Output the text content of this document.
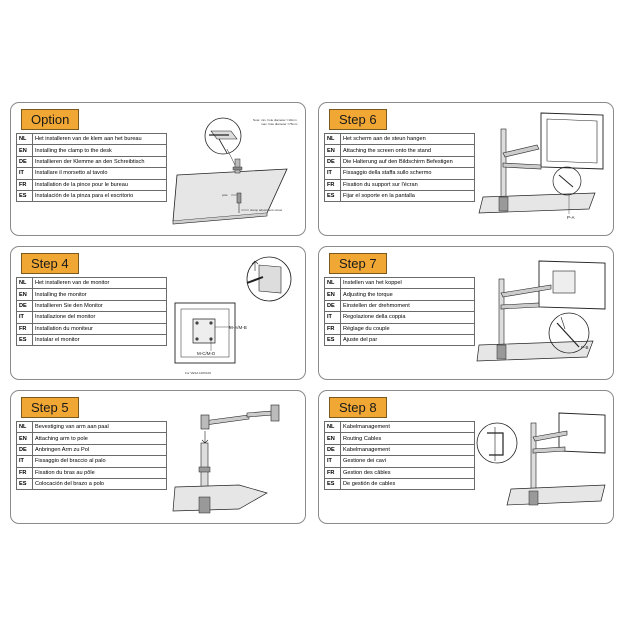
Option
NL	Het installeren van de klem aan het bureau
EN	Installing the clamp to the desk
DE	Installieren der Klemme an den Schreibtisch
IT	Installare il morsetto al tavolo
FR	Installation de la pince pour le bureau
ES	Instalación de la pinza para el escritorio
Note: min. hole diameter =10mm
max. hole diameter =76mm
pole
clamp adjustment screw
Step 6
NL	Het scherm aan de steun hangen
EN	Attaching the screen onto the stand
DE	Die Halterung auf den Bildschirm Befestigen
IT	Fissaggio della staffa sullo schermo
FR	Fixation du support sur l'écran
ES	Fijar el soporte en la pantalla
P-A
Step 4
NL	Het installeren van de monitor
EN	Installing the monitor
DE	Installieren Sie den Monitor
IT	Installazione del monitor
FR	Installation du moniteur
ES	Instalar el monitor
M-A/M-B
M-C/M-D
For VESA 100X100
Step 7
NL	Instellen van het koppel
EN	Adjusting the torque
DE	Einstellen der drehmoment
IT	Regolazione della coppia
FR	Réglage du couple
ES	Ajuste del par
P-B
Step 5
NL	Bevestiging van arm aan paal
EN	Attaching arm to pole
DE	Anbringen Arm zu Pol
IT	Fissaggio del braccio al palo
FR	Fixation du bras au pôle
ES	Colocación del brazo a polo
Step 8
NL	Kabelmanagement
EN	Routing Cables
DE	Kabelmanagement
IT	Gestione dei cavi
FR	Gestion des câbles
ES	De gestión de cables
